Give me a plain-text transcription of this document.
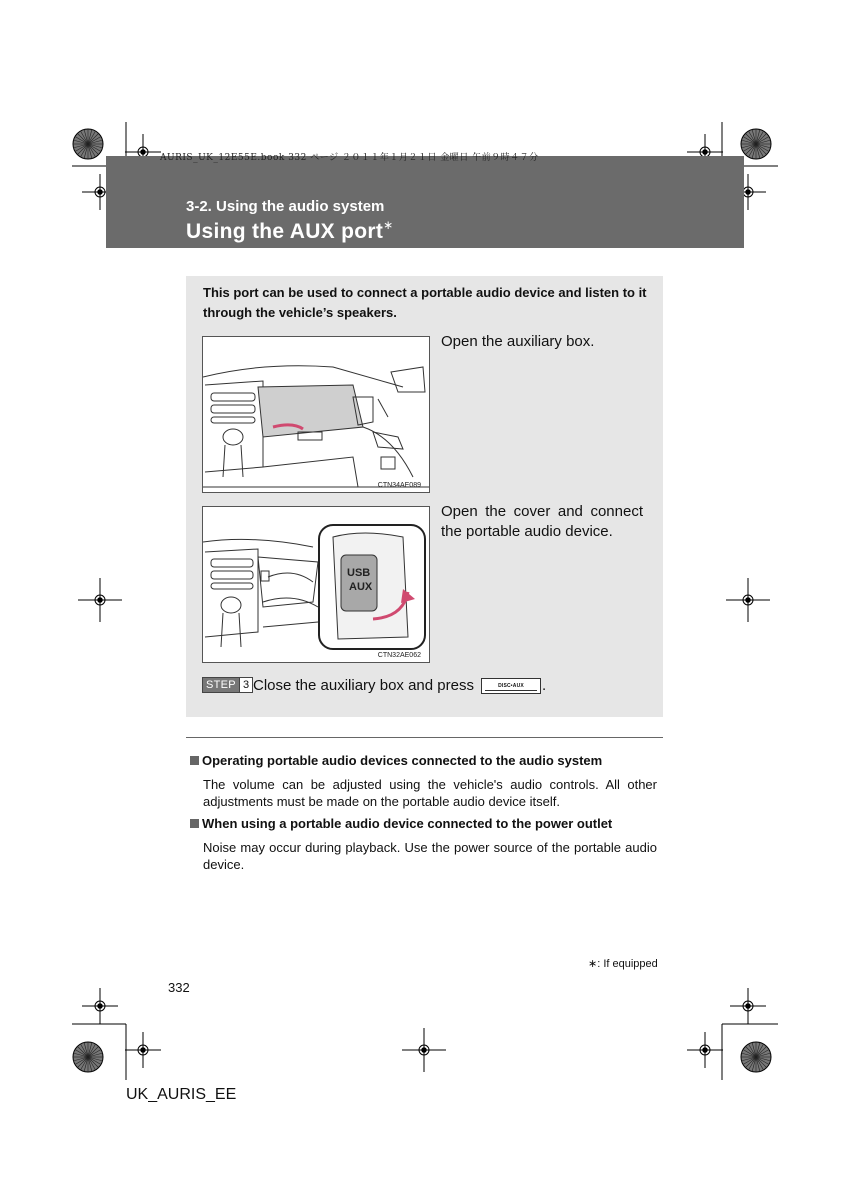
AURIS_UK_12E55E.book 332 ページ ２０１１年１月２１日 金曜日 午前９時４７分
3-2. Using the audio system
Using the AUX port∗
This port can be used to connect a portable audio device and listen to it through the vehicle’s speakers.
CTN34AE089
Open the auxiliary box.
USB
AUX
CTN32AE062
Open the cover and connect the portable audio device.
STEP 3 Close the auxiliary box and press	DISC•AUX	.
Operating portable audio devices connected to the audio system
The volume can be adjusted using the vehicle's audio controls. All other adjustments must be made on the portable audio device itself.
When using a portable audio device connected to the power outlet
Noise may occur during playback. Use the power source of the portable audio device.
∗: If equipped
332
UK_AURIS_EE
